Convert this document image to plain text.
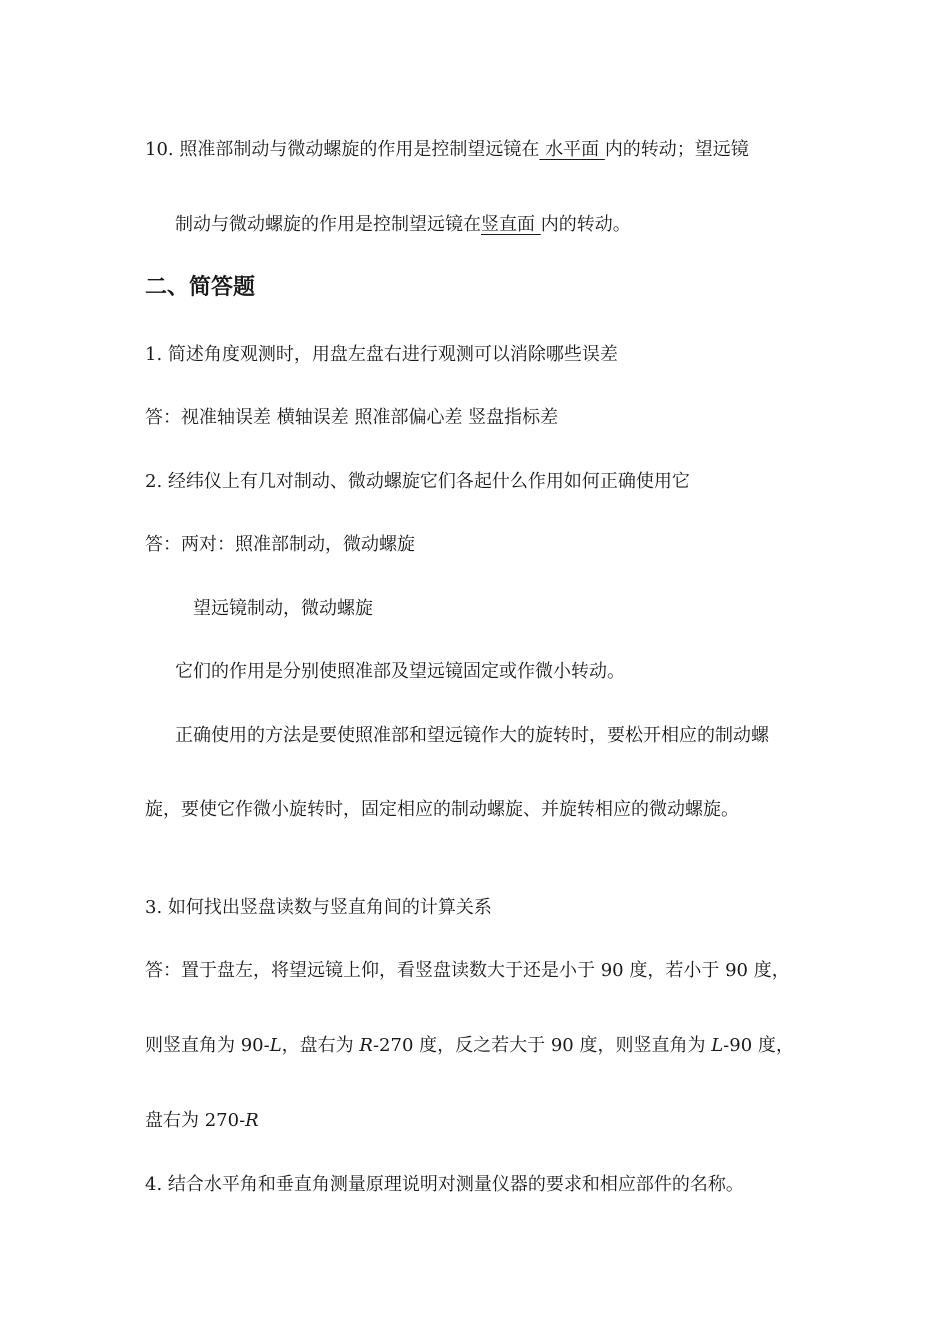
10. 照准部制动与微动螺旋的作用是控制望远镜在 水平面 内的转动；望远镜
制动与微动螺旋的作用是控制望远镜在竖直面 内的转动。
二、简答题
1. 简述角度观测时，用盘左盘右进行观测可以消除哪些误差
答：视准轴误差 横轴误差 照准部偏心差 竖盘指标差
2. 经纬仪上有几对制动、微动螺旋它们各起什么作用如何正确使用它
答：两对：照准部制动，微动螺旋
望远镜制动，微动螺旋
它们的作用是分别使照准部及望远镜固定或作微小转动。
正确使用的方法是要使照准部和望远镜作大的旋转时，要松开相应的制动螺
旋，要使它作微小旋转时，固定相应的制动螺旋、并旋转相应的微动螺旋。
3. 如何找出竖盘读数与竖直角间的计算关系
答：置于盘左，将望远镜上仰，看竖盘读数大于还是小于 90 度，若小于 90 度，
则竖直角为 90-L，盘右为 R-270 度，反之若大于 90 度，则竖直角为 L-90 度，
盘右为 270-R
4. 结合水平角和垂直角测量原理说明对测量仪器的要求和相应部件的名称。
